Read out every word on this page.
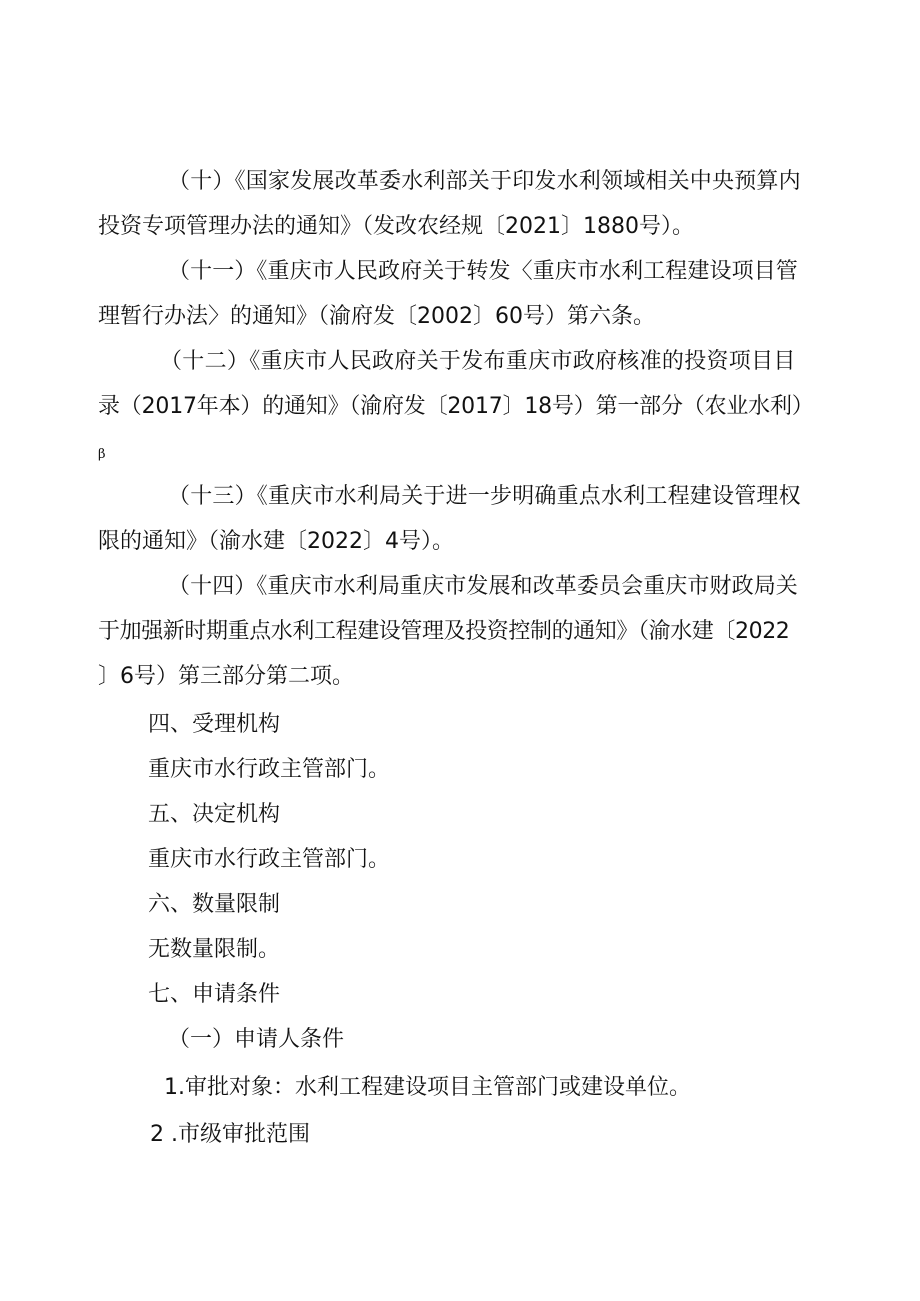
（十）《国家发展改革委水利部关于印发水利领域相关中央预算内
投资专项管理办法的通知》（发改农经规〔2021〕1880号）。
（十一）《重庆市人民政府关于转发〈重庆市水利工程建设项目管
理暂行办法〉的通知》（渝府发〔2002〕60号）第六条。
（十二）《重庆市人民政府关于发布重庆市政府核准的投资项目目
录（2017年本）的通知》（渝府发〔2017〕18号）第一部分（农业水利）
β
（十三）《重庆市水利局关于进一步明确重点水利工程建设管理权
限的通知》（渝水建〔2022〕4号）。
（十四）《重庆市水利局重庆市发展和改革委员会重庆市财政局关
于加强新时期重点水利工程建设管理及投资控制的通知》（渝水建〔2022
〕6号）第三部分第二项。
四、受理机构
重庆市水行政主管部门。
五、决定机构
重庆市水行政主管部门。
六、数量限制
无数量限制。
七、申请条件
（一）申请人条件
1.审批对象：水利工程建设项目主管部门或建设单位。
2 .市级审批范围
